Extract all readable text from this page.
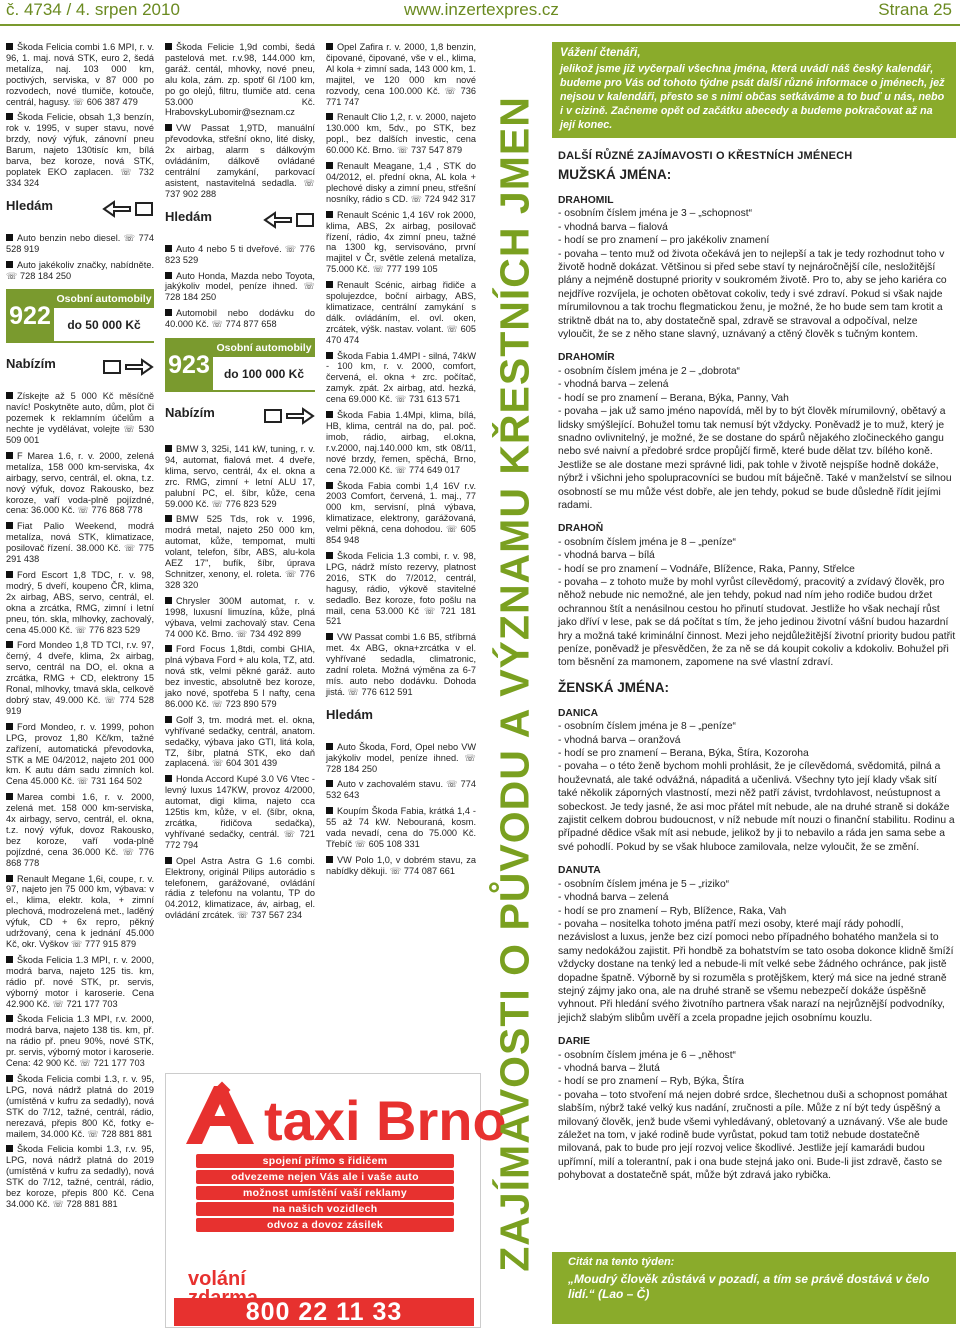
č. 4734 / 4. srpen 2010	www.inzertexpres.cz	Strana 25
Škoda Felicia combi 1.6 MPI, r. v. 96, 1. maj. nová STK, euro 2, šedá metalíza, naj. 103 000 km, poctivých, serviska, v 87 000 po rozvodech, nové tlumiče, kotouče, centrál, hagusy. ☏ 606 387 479
Škoda Felicie, obsah 1,3 benzín, rok v. 1995, v super stavu, nové brzdy, nový výfuk, zánovní pneu Barum, najeto 130tisíc km, bílá barva, bez koroze, nová STK, poplatek EKO zaplacen. ☏ 732 334 324
Hledám
Auto benzin nebo diesel. ☏ 774 528 919
Auto jakékoliv značky, nabídněte. ☏ 728 184 250
922
Osobní automobily
do 50 000 Kč
Nabízím
Získejte až 5 000 Kč měsíčně navíc! Poskytněte auto, dům, plot či pozemek k reklamním účelům a nechte je vydělávat, volejte ☏ 530 509 001
F Marea 1.6, r. v. 2000, zelená metalíza, 158 000 km-serviska, 4x airbagy, servo, centrál, el. okna, t.z. nový výfuk, dovoz Rakousko, bez koroze, vaří voda-plně pojízdné, cena: 36.000 Kč. ☏ 776 868 778
Fiat Palio Weekend, modrá metalíza, nová STK, klimatizace, posilovač řízení. 38.000 Kč. ☏ 775 291 438
Ford Escort 1,8 TDC, r. v. 98, modrý, 5 dveří, koupeno ČR, klima, 2x airbag, ABS, servo, centrál, el. okna a zrcátka, RMG, zimní i letní pneu, tón. skla, mlhovky, zachovalý, cena 45.000 Kč. ☏ 776 823 529
Ford Mondeo 1,8 TD TCI, r.v. 97, černý, 4 dveře, klima, 2x airbag, servo, centrál na DO, el. okna a zrcátka, RMG + CD, elektrony 15 Ronal, mlhovky, tmavá skla, celkově dobrý stav, 49.000 Kč. ☏ 774 528 919
Ford Mondeo, r. v. 1999, pohon LPG, provoz 1,80 Kč/km, tažné zařízení, automatická převodovka, STK a ME 04/2012, najeto 201 000 km. K autu dám sadu zimních kol. Cena 45.000 Kč. ☏ 731 164 502
Marea combi 1.6, r. v. 2000, zelená met. 158 000 km-serviska, 4x airbagy, servo, centrál, el. okna, t.z. nový výfuk, dovoz Rakousko, bez koroze, vaří voda-plně pojízdné, cena 36.000 Kč. ☏ 776 868 778
Renault Megane 1,6i, coupe, r. v. 97, najeto jen 75 000 km, výbava: v el., klima, elektr. kola, + zimní plechová, modrozelená met., laděný výfuk, CD + 6x repro, pěkný udržovaný, cena k jednání 45.000 Kč, okr. Vyškov ☏ 777 915 879
Škoda Felicia 1.3 MPI, r. v. 2000, modrá barva, najeto 125 tis. km, rádio př. nové STK, pr. servis, výborný motor i karoserie. Cena 42.900 Kč. ☏ 721 177 703
Škoda Felicia 1.3 MPI, r.v. 2000, modrá barva, najeto 138 tis. km, př. na rádio př. pneu 90%, nové STK, pr. servis, výborný motor i karoserie. Cena: 42 900 Kč. ☏ 721 177 703
Škoda Felicia combi 1.3, r. v. 95, LPG, nová nádrž platná do 2019 (umístěná v kufru za sedadly), nová STK do 7/12, tažné, centrál, rádio, nerezavá, přepis 800 Kč, fotky e-mailem, 34.000 Kč. ☏ 728 881 881
Škoda Felicia kombi 1.3, r.v. 95, LPG, nová nádrž platná do 2019 (umístěná v kufru za sedadly), nová STK do 7/12, tažné, centrál, rádio, bez koroze, přepis 800 Kč. Cena 34.000 Kč. ☏ 728 881 881
Škoda Felicie 1,9d combi, šedá pastelová met. r.v.98, 144.000 km, garáž. centál, mhovky, nové pneu, alu kola, zám. zp. spotř 6l /100 km, po go olejů, filtru, tlumiče atd. cena 53.000 Kč. HrabovskyLubomir@seznam.cz
VW Passat 1,9TD, manuální převodovka, střešní okno, lité disky, 2x airbag, alarm s dálkovým ovládáním, dálkově ovládané centrální zamykání, parkovací asistent, nastavitelná sedadla. ☏ 737 902 288
Hledám
Auto 4 nebo 5 ti dveřové. ☏ 776 823 529
Auto Honda, Mazda nebo Toyota, jakýkoliv model, peníze ihned. ☏ 728 184 250
Automobil nebo dodávku do 40.000 Kč. ☏ 774 877 658
923
Osobní automobily
do 100 000 Kč
Nabízím
BMW 3, 325i, 141 kW, tuning, r. v. 94, automat, fialová met. 4 dveře, klima, servo, centrál, 4x el. okna a zrc. RMG, zimní + letní ALU 17, palubní PC, el. šíbr, kůže, cena 59.000 Kč. ☏ 776 823 529
BMW 525 Tds, rok v. 1996, modrá metal, najeto 250 000 km, automat, kůže, tempomat, multi volant, telefon, šíbr, ABS, alu-kola AEZ 17", bufík, šíbr, úprava Schnitzer, xenony, el. roleta. ☏ 776 328 320
Chrysler 300M automat, r. v. 1998, luxusní limuzína, kůže, plná výbava, velmi zachovalý stav. Cena 74 000 Kč. Brno. ☏ 734 492 899
Ford Focus 1,8tdi, combi GHIA, plná výbava Ford + alu kola, TZ, atd. nová stk, velmi pěkné garáž. auto bez investic, absolutně bez koroze, jako nové, spotřeba 5 l nafty, cena 86.000 Kč. ☏ 723 890 579
Golf 3, tm. modrá met. el. okna, vyhřívané sedačky, centrál, anatom. sedačky, výbava jako GTI, litá kola, TZ, šíbr, platná STK, eko daň zaplacená. ☏ 604 301 439
Honda Accord Kupé 3.0 V6 Vtec - levný luxus 147KW, provoz 4/2000, automat, digi klima, najeto cca 125tis km, kůže, v el. (šíbr, okna, zrcátka, řidičova sedačka), vyhřívané sedačky, centrál. ☏ 721 772 794
Opel Astra Astra G 1.6 combi. Elektrony, originál Pilips autorádio s telefonem, garážované, ovládání rádia z telefonu na volantu, TP do 04.2012, klimatizace, áv, airbag, el. ovládání zrcátek. ☏ 737 567 234
Opel Zafira r. v. 2000, 1,8 benzin, čipované, čipované, vše v el., klima, Al kola + zimní sada, 143 000 km, 1. majitel, ve 120 000 km nové rozvody, cena 100.000 Kč. ☏ 736 771 747
Renault Clio 1,2, r. v. 2000, najeto 130.000 km, 5dv., po STK, bez popl., bez dalších investic, cena 60.000 Kč. Brno. ☏ 737 547 879
Renault Meagane, 1,4 , STK do 04/2012, el. přední okna, AL kola + plechové disky a zimní pneu, střešní nosníky, rádio s CD. ☏ 724 942 317
Renault Scénic 1,4 16V rok 2000, klima, ABS, 2x airbag, posilovač řízení, rádio, 4x zimní pneu, tažné na 1300 kg, servisováno, první majitel v Čr, světle zelená metalíza, 75.000 Kč. ☏ 777 199 105
Renault Scénic, airbag řidiče a spolujezdce, boční airbagy, ABS, klimatizace, centrální zamykání s dálk. ovládáním, el. ovl. oken, zrcátek, výšk. nastav. volant. ☏ 605 470 474
Škoda Fabia 1.4MPI - silná, 74kW - 100 km, r. v. 2000, comfort, červená, el. okna + zrc. počítač, zamyk. zpát. 2x airbag, atd. hezká, cena 69.000 Kč. ☏ 731 613 571
Škoda Fabia 1.4Mpi, klima, bílá, HB, klima, centrál na do, pal. poč. imob, rádio, airbag, el.okna, r.v.2000, naj.140.000 km, stk 08/11, nové brzdy, řemen, spěchá, Brno, cena 72.000 Kč. ☏ 774 649 017
Škoda Fabia combi 1,4 16V r.v. 2003 Comfort, červená, 1. maj., 77 000 km, servisní, plná výbava, klimatizace, elektrony, garážovaná, velmi pěkná, cena dohodou. ☏ 605 854 948
Škoda Felicia 1.3 combi, r. v. 98, LPG, nádrž místo rezervy, platnost 2016, STK do 7/2012, centrál, hagusy, rádio, výkově stavitelné sedadlo. Bez koroze, foto pošlu na mail, cena 53.000 Kč ☏ 721 181 521
VW Passat combi 1.6 B5, stříbrná met. 4x ABG, okna+zrcátka v el. vyhřívané sedadla, climatronic, zadní roleta. Možná výměna za 6-7 mís. auto nebo dodávku. Dohoda jistá. ☏ 776 612 591
Hledám
Auto Škoda, Ford, Opel nebo VW jakýkoliv model, peníze ihned. ☏ 728 184 250
Auto v zachovalém stavu. ☏ 774 532 643
Koupím Škoda Fabia, krátká 1,4 - 55 až 74 kW. Nebouraná, kosm. vada nevadí, cena do 75.000 Kč. Třebíč ☏ 605 108 331
VW Polo 1,0, v dobrém stavu, za nabídky děkuji. ☏ 774 087 661
taxi Brno
spojení přímo s řidičem
odvezeme nejen Vás ale i vaše auto
možnost umístění vaší reklamy
na našich vozidlech
odvoz a dovoz zásilek
volání
800 22 11 33
ZAJÍMAVOSTI O PŮVODU A VÝZNAMU KŘESTNÍCH JMEN
Vážení čtenáři,
jelikož jsme již vyčerpali všechna jména, která uvádí náš český kalendář, budeme pro Vás od tohoto týdne psát další různé informace o jménech, jež nejsou v kalendáři, přesto se s nimi občas setkáváme a to buď u nás, nebo i v cizině. Začneme opět od začátku abecedy a budeme pokračovat až na její konec.
DALŠÍ RŮZNÉ ZAJÍMAVOSTI O KŘESTNÍCH JMÉNECH
MUŽSKÁ JMÉNA:
DRAHOMIL
- osobním číslem jména je 3 – „schopnost“
- vhodná barva – fialová
- hodí se pro znamení – pro jakékoliv znamení
- povaha – tento muž od života očekává jen to nejlepší a tak je tedy rozhodnut toho v životě hodně dokázat. Většinou si před sebe staví ty nejnáročnější cíle, nesložitější plány a nejméně dostupné priority v soukromém životě. Pro to, aby se jeho kariéra co nejdříve rozvíjela, je ochoten obětovat cokoliv, tedy i své zdraví. Pokud si však najde mírumilovnou a tak trochu flegmatickou ženu, je možné, že ho bude sem tam krotit a striktně dbát na to, aby dostatečně spal, zdravě se stravoval a odpočíval, nelze vyloučit, že se z něho stane slavný, uznávaný a ctěný člověk s tučným kontem.
DRAHOMÍR
- osobním číslem jména je 2 – „dobrota“
- vhodná barva – zelená
- hodí se pro znamení – Berana, Býka, Panny, Vah
- povaha – jak už samo jméno napovídá, měl by to být člověk mírumilovný, obětavý a lidsky smýšlející. Bohužel tomu tak nemusí být vždycky. Poněvadž je to muž, který je snadno ovlivnitelný, je možné, že se dostane do spárů nějakého zločineckého gangu nebo své naivní a předobré srdce propůjčí firmě, které bude dělat tzv. bílého koně. Jestliže se ale dostane mezi správné lidi, pak tohle v životě nejspíše hodně dokáže, nýbrž i všichni jeho spolupracovníci se budou mít báječně. Také v manželství se silnou osobností se mu může vést dobře, ale jen tehdy, pokud se bude důsledně řídit jejími radami.
DRAHOŇ
- osobním číslem jména je 8 – „peníze“
- vhodná barva – bílá
- hodí se pro znamení – Vodnáře, Blížence, Raka, Panny, Střelce
- povaha – z tohoto muže by mohl vyrůst cílevědomý, pracovitý a zvídavý člověk, pro něhož nebude nic nemožné, ale jen tehdy, pokud nad ním jeho rodiče budou držet ochrannou štít a nenásilnou cestou ho přinutí studovat. Jestliže ho však nechají růst jako dříví v lese, pak se dá počítat s tím, že jeho jedinou životní vášní budou hazardní hry a možná také kriminální činnost. Mezi jeho nejdůležitější životní priority budou patřit peníze, poněvadž je přesvědčen, že za ně se dá koupit cokoliv a kdokoliv. Bohužel při tom běsnění za mamonem, zapomene na své vlastní zdraví.
ŽENSKÁ JMÉNA:
DANICA
- osobním číslem jména je 8 – „peníze“
- vhodná barva – oranžová
- hodí se pro znamení – Berana, Býka, Štíra, Kozoroha
- povaha – o této ženě bychom mohli prohlásit, že je cílevědomá, svědomitá, pilná a houževnatá, ale také odvážná, nápaditá a učenlivá. Všechny tyto její klady však sití také několik záporných vlastností, mezi něž patří závist, tvrdohlavost, neústupnost a sobeckost. Je tedy jasné, že asi moc přátel mít nebude, ale na druhé straně si dokáže zajistit celkem dobrou budoucnost, v níž nebude mít nouzi o finanční stabilitu. Rodinu a případné dědice však mít asi nebude, jelikož by ji to nebavilo a ráda jen sama sebe a své pohodlí. Pokud by se však hluboce zamilovala, nelze vyloučit, že se změní.
DANUTA
- osobním číslem jména je 5 – „riziko“
- vhodná barva – zelená
- hodí se pro znamení – Ryb, Blížence, Raka, Vah
- povaha – nositelka tohoto jména patří mezi osoby, které mají rády pohodlí, nezávislost a luxus, jenže bez cizí pomoci nebo případného bohatého manžela si to samy nedokážou zajistit. Při hondbě za bohatstvím se tato osoba dokonce klidně šmíží vždycky dostane na tenký led a nebude-li mít velké sebe žádného ochránce, pak jistě dopadne špatně. Výborně by si rozuměla s protějškem, který má sice na jedné straně stejný zájmy jako ona, ale na druhé straně se všemu nebezpečí dokáže úspěšně vyhnout. Při hledání svého životního partnera však narazí na nejrůznější podvodníky, jejichž slabým slibům uvěří a zcela propadne jejich osobnímu kouzlu.
DARIE
- osobním číslem jména je 6 – „něhost“
- vhodná barva – žlutá
- hodí se pro znamení – Ryb, Býka, Štíra
- povaha – toto stvoření má nejen dobré srdce, šlechetnou duši a schopnost pomáhat slabším, nýbrž také velký kus nadání, zručnosti a píle. Může z ní být tedy úspěšný a milovaný člověk, jenž bude všemi vyhledávaný, obletovaný a uznávaný. Vše ale bude záležet na tom, v jaké rodině bude vyrůstat, pokud tam totiž nebude dostatečně milovaná, pak to bude pro její rozvoj velice škodlivé. Jestliže její kamarádi budou upřímní, milí a tolerantní, pak i ona bude stejná jako oni. Bude-li jist zdravě, často se pohybovat a dostatečně spát, může být zdravá jako rybička.
Citát na tento týden:
„Moudrý člověk zůstává v pozadí, a tím se právě dostává v čelo lidí.“ (Lao – Č)
